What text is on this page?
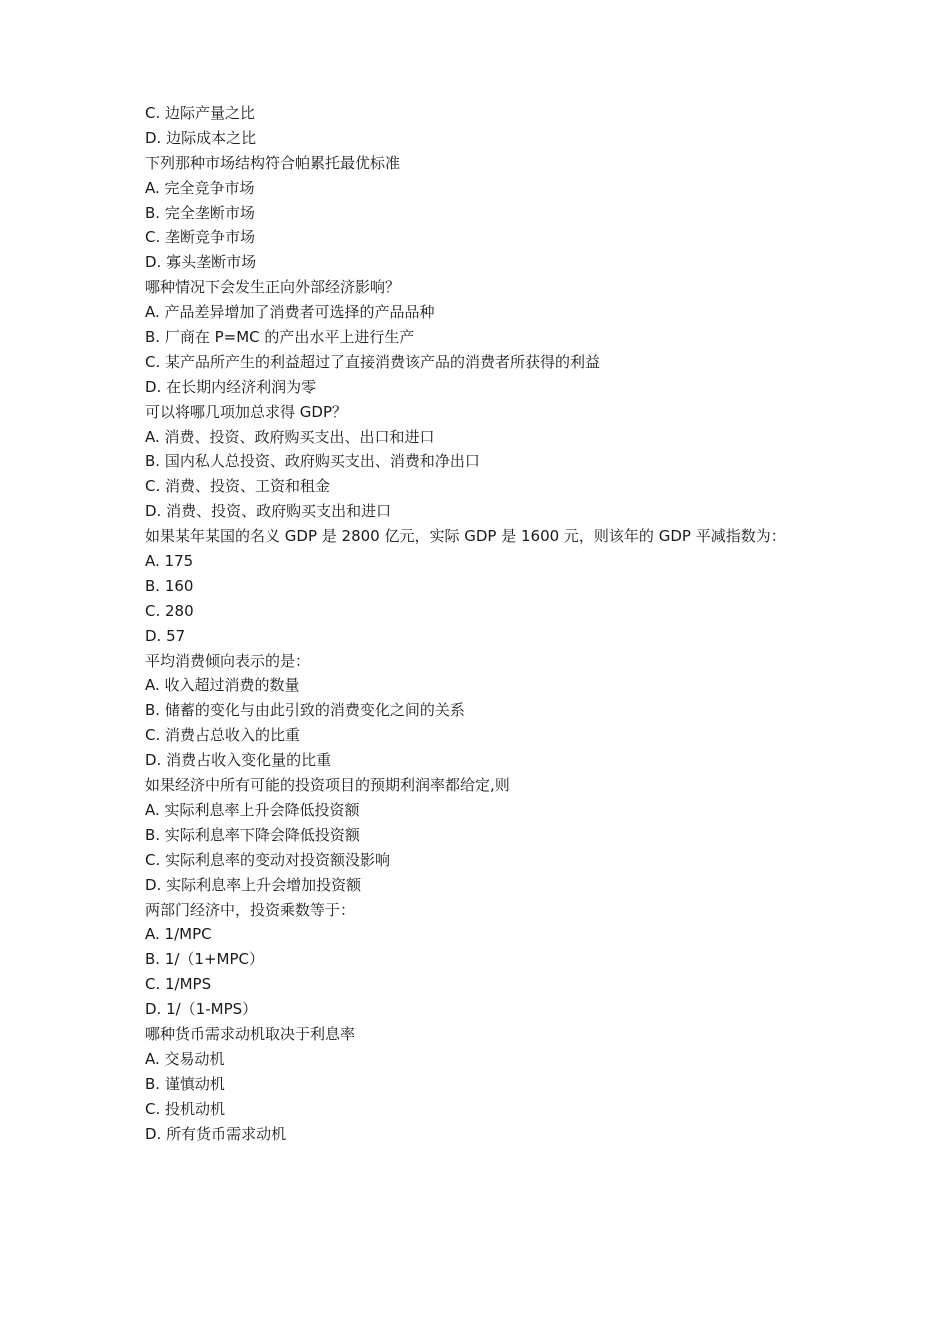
C. 边际产量之比
D. 边际成本之比
下列那种市场结构符合帕累托最优标准
A. 完全竞争市场
B. 完全垄断市场
C. 垄断竞争市场
D. 寡头垄断市场
哪种情况下会发生正向外部经济影响？
A. 产品差异增加了消费者可选择的产品品种
B. 厂商在 P=MC 的产出水平上进行生产
C. 某产品所产生的利益超过了直接消费该产品的消费者所获得的利益
D. 在长期内经济利润为零
可以将哪几项加总求得 GDP？
A. 消费、投资、政府购买支出、出口和进口
B. 国内私人总投资、政府购买支出、消费和净出口
C. 消费、投资、工资和租金
D. 消费、投资、政府购买支出和进口
如果某年某国的名义 GDP 是 2800 亿元，实际 GDP 是 1600 元，则该年的 GDP 平减指数为：
A. 175
B. 160
C. 280
D. 57
平均消费倾向表示的是：
A. 收入超过消费的数量
B. 储蓄的变化与由此引致的消费变化之间的关系
C. 消费占总收入的比重
D. 消费占收入变化量的比重
如果经济中所有可能的投资项目的预期利润率都给定,则
A. 实际利息率上升会降低投资额
B. 实际利息率下降会降低投资额
C. 实际利息率的变动对投资额没影响
D. 实际利息率上升会增加投资额
两部门经济中，投资乘数等于：
A. 1/MPC
B. 1/（1+MPC）
C. 1/MPS
D. 1/（1-MPS）
哪种货币需求动机取决于利息率
A. 交易动机
B. 谨慎动机
C. 投机动机
D. 所有货币需求动机
